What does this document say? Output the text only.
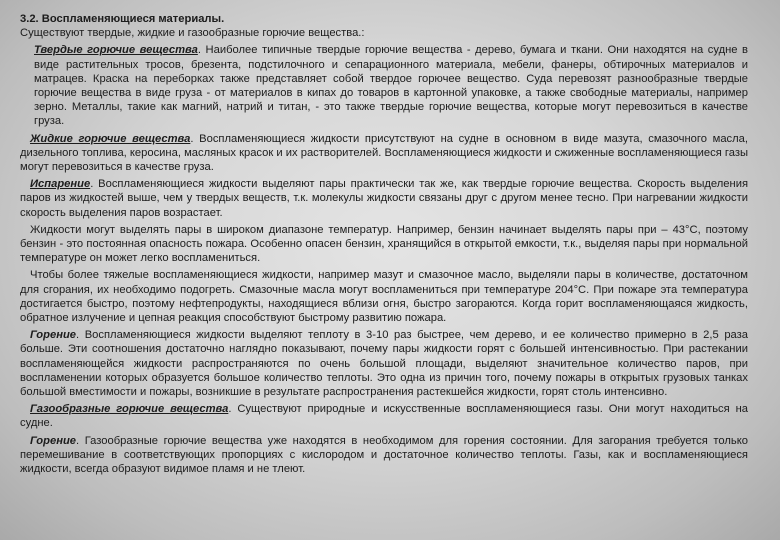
3.2. Воспламеняющиеся материалы.
Существуют твердые, жидкие и газообразные горючие вещества.:

Твердые горючие вещества. Наиболее типичные твердые горючие вещества - дерево, бумага и ткани. Они находятся на судне в виде растительных тросов, брезента, подстилочного и сепарационного материала, мебели, фанеры, обтирочных материалов и матрацев. Краска на переборках также представляет собой твердое горючее вещество. Суда перевозят разнообразные твердые горючие вещества в виде груза - от материалов в кипах до товаров в картонной упаковке, а также свободные материалы, например зерно. Металлы, такие как магний, натрий и титан, - это также твердые горючие вещества, которые могут перевозиться в качестве груза.

Жидкие горючие вещества. Воспламеняющиеся жидкости присутствуют на судне в основном в виде мазута, смазочного масла, дизельного топлива, керосина, масляных красок и их растворителей. Воспламеняющиеся жидкости и сжиженные воспламеняющиеся газы могут перевозиться в качестве груза.

Испарение. Воспламеняющиеся жидкости выделяют пары практически так же, как твердые горючие вещества. Скорость выделения паров из жидкостей выше, чем у твердых веществ, т.к. молекулы жидкости связаны друг с другом менее тесно. При нагревании жидкости скорость выделения паров возрастает.

Жидкости могут выделять пары в широком диапазоне температур. Например, бензин начинает выделять пары при – 43°С, поэтому бензин - это постоянная опасность пожара. Особенно опасен бензин, хранящийся в открытой емкости, т.к., выделяя пары при нормальной температуре он может легко воспламениться.

Чтобы более тяжелые воспламеняющиеся жидкости, например мазут и смазочное масло, выделяли пары в количестве, достаточном для сгорания, их необходимо подогреть. Смазочные масла могут воспламениться при температуре 204°С. При пожаре эта температура достигается быстро, поэтому нефтепродукты, находящиеся вблизи огня, быстро загораются. Когда горит воспламеняющаяся жидкость, обратное излучение и цепная реакция способствуют быстрому развитию пожара.

Горение. Воспламеняющиеся жидкости выделяют теплоту в 3-10 раз быстрее, чем дерево, и ее количество примерно в 2,5 раза больше. Эти соотношения достаточно наглядно показывают, почему пары жидкости горят с большей интенсивностью. При растекании воспламеняющейся жидкости распространяются по очень большой площади, выделяют значительное количество паров, при воспламенении которых образуется большое количество теплоты. Это одна из причин того, почему пожары в открытых грузовых танках большой вместимости и пожары, возникшие в результате распространения растекшейся жидкости, горят столь интенсивно.

Газообразные горючие вещества. Существуют природные и искусственные воспламеняющиеся газы. Они могут находиться на судне.

Горение. Газообразные горючие вещества уже находятся в необходимом для горения состоянии. Для загорания требуется только перемешивание в соответствующих пропорциях с кислородом и достаточное количество теплоты. Газы, как и воспламеняющиеся жидкости, всегда образуют видимое пламя и не тлеют.
